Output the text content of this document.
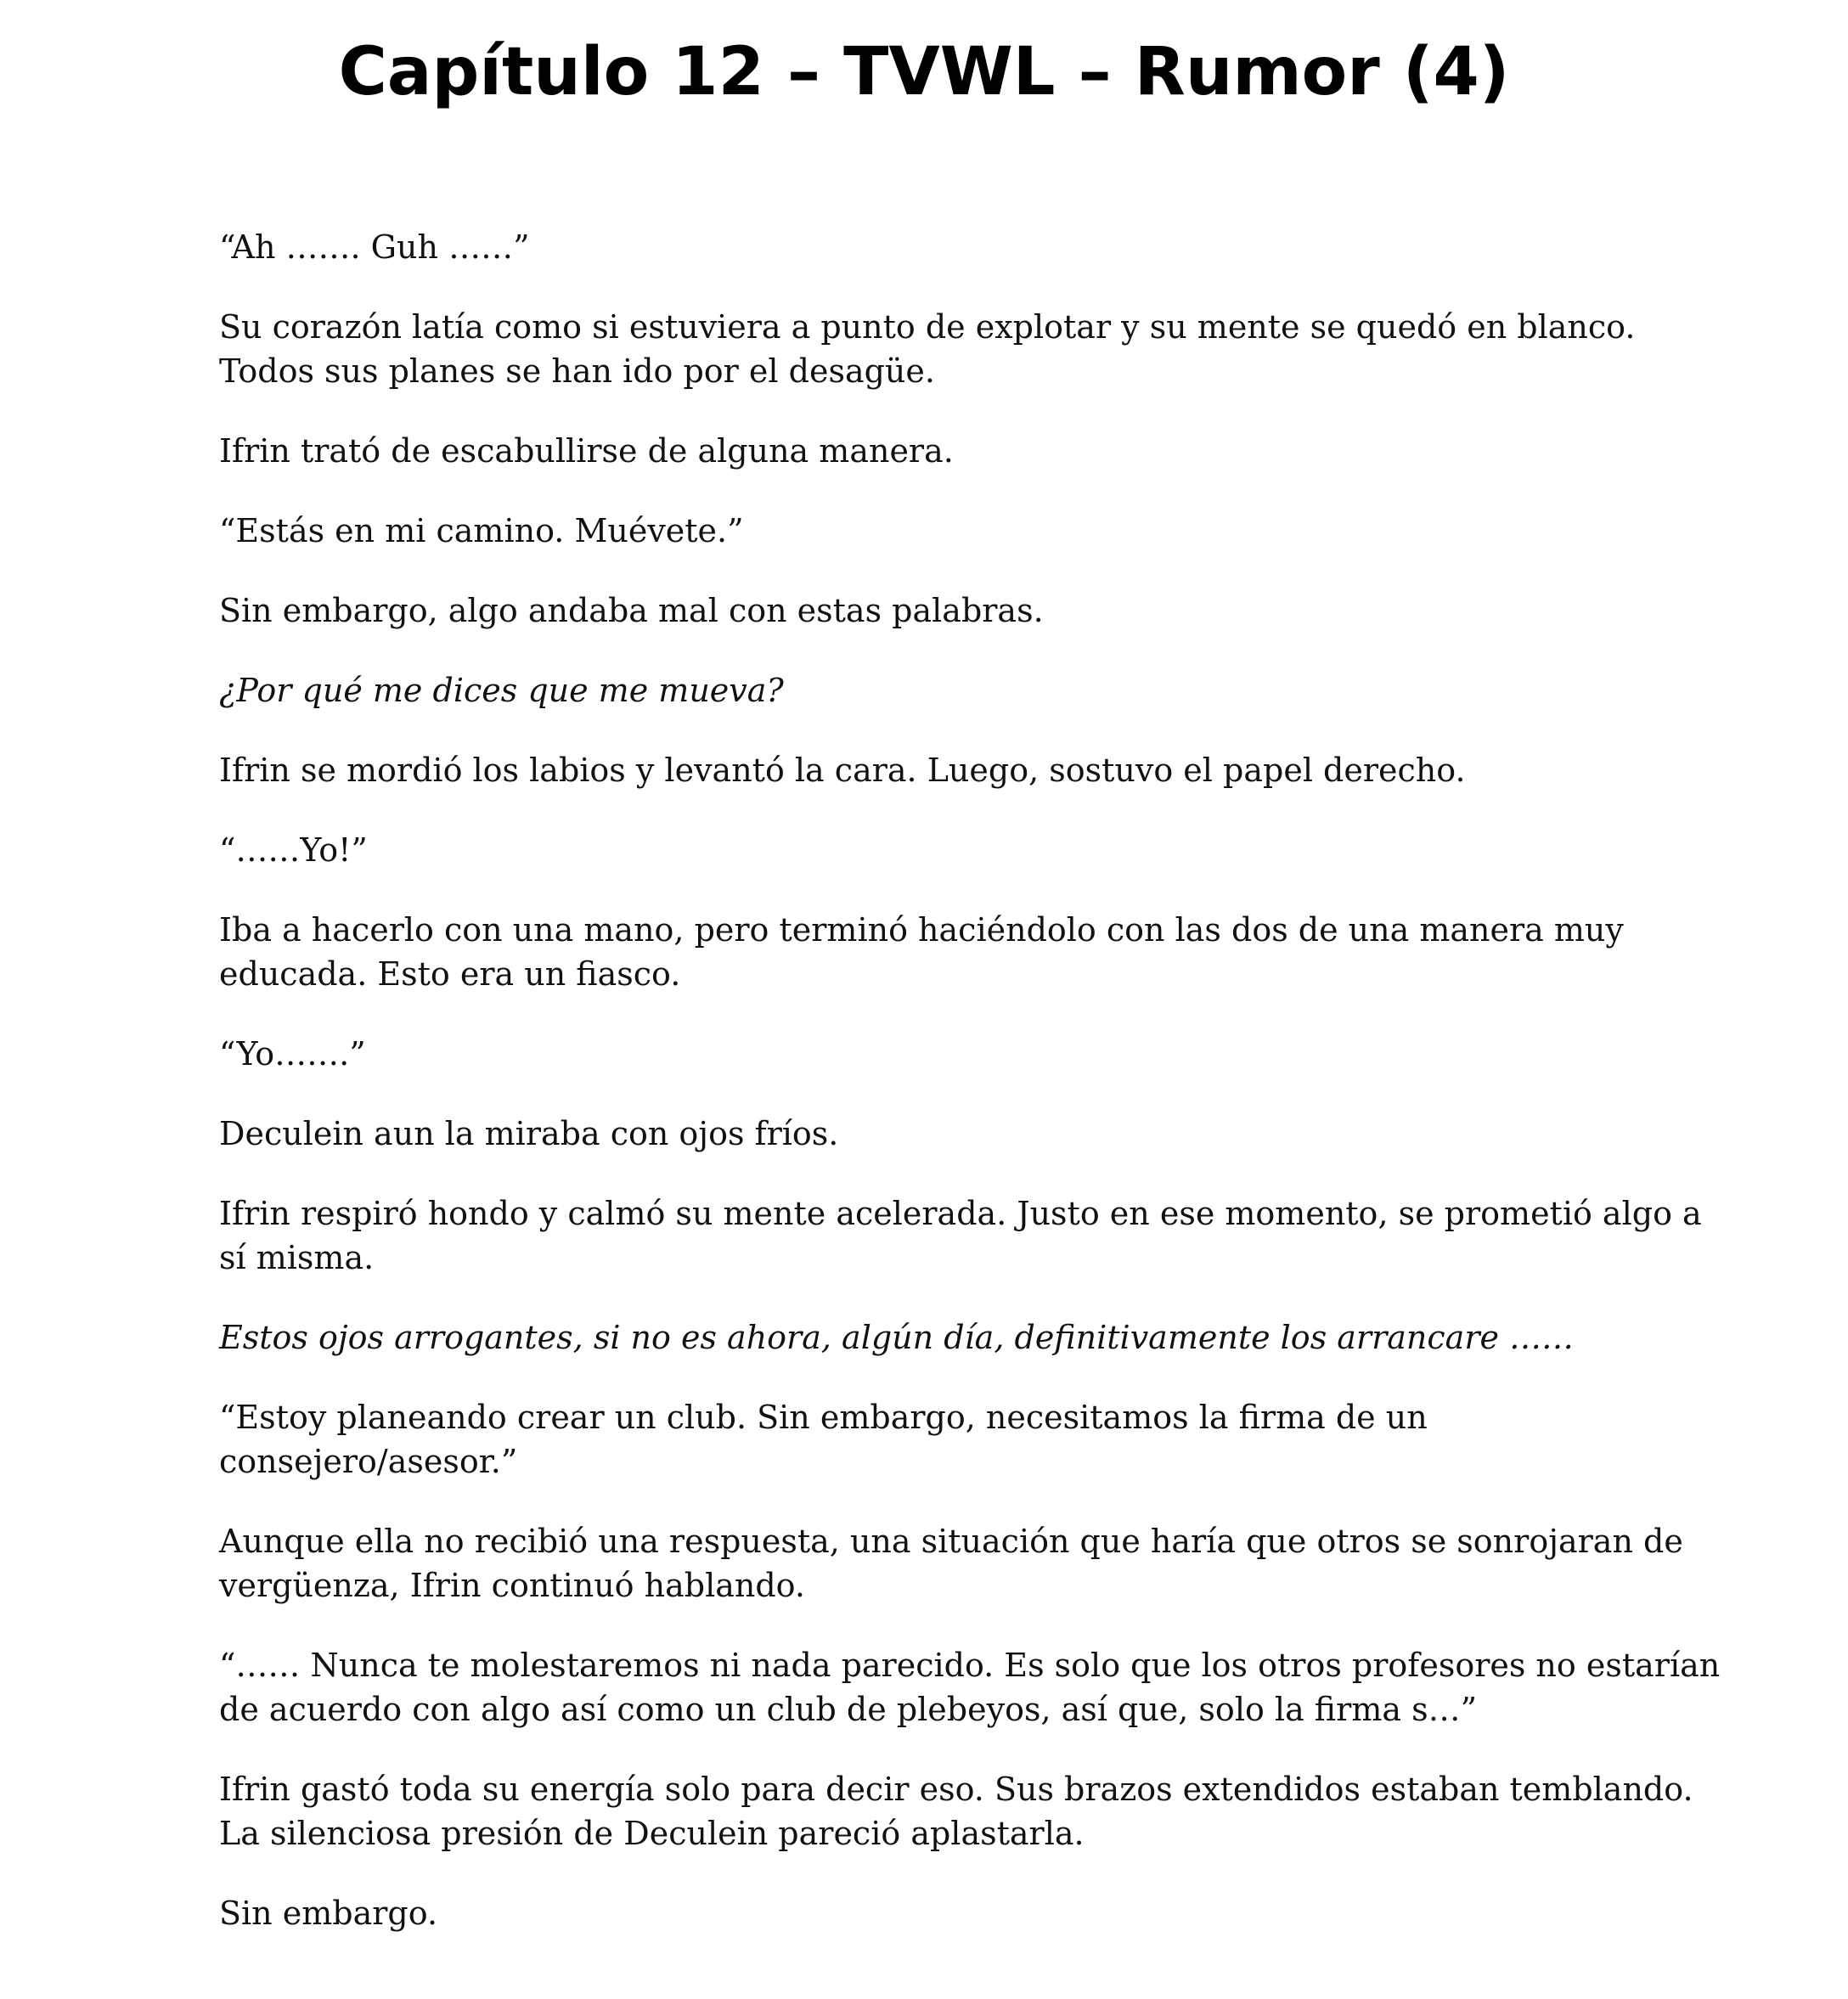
Capítulo 12 – TVWL – Rumor (4)

“Ah ……. Guh ……”

Su corazón latía como si estuviera a punto de explotar y su mente se quedó en blanco.
Todos sus planes se han ido por el desagüe.

Ifrin trató de escabullirse de alguna manera.

“Estás en mi camino. Muévete.”

Sin embargo, algo andaba mal con estas palabras.

¿Por qué me dices que me mueva?

Ifrin se mordió los labios y levantó la cara. Luego, sostuvo el papel derecho.

“……Yo!”

Iba a hacerlo con una mano, pero terminó haciéndolo con las dos de una manera muy
educada. Esto era un fiasco.

“Yo…….”

Deculein aun la miraba con ojos fríos.

Ifrin respiró hondo y calmó su mente acelerada. Justo en ese momento, se prometió algo a
sí misma.

Estos ojos arrogantes, si no es ahora, algún día, definitivamente los arrancare ……

“Estoy planeando crear un club. Sin embargo, necesitamos la firma de un
consejero/asesor.”

Aunque ella no recibió una respuesta, una situación que haría que otros se sonrojaran de
vergüenza, Ifrin continuó hablando.

“…… Nunca te molestaremos ni nada parecido. Es solo que los otros profesores no estarían
de acuerdo con algo así como un club de plebeyos, así que, solo la firma s…”

Ifrin gastó toda su energía solo para decir eso. Sus brazos extendidos estaban temblando.
La silenciosa presión de Deculein pareció aplastarla.

Sin embargo.
